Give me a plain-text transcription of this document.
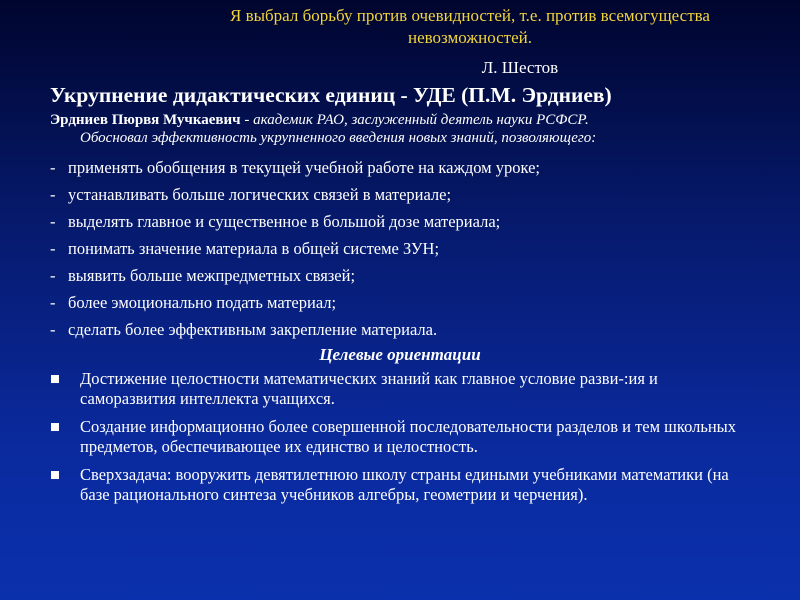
Я выбрал борьбу против очевидностей, т.е. против всемогущества невозможностей.
Л. Шестов
Укрупнение дидактических единиц - УДЕ (П.М. Эрдниев)
Эрдниев Пюрвя Мучкаевич - академик РАО, заслуженный деятель науки РСФСР.
Обосновал эффективность укрупненного введения новых знаний, позволяющего:
- применять обобщения в текущей учебной работе на каждом уроке;
- устанавливать больше логических связей в материале;
- выделять главное и существенное в большой дозе материала;
- понимать значение материала в общей системе ЗУН;
- выявить больше межпредметных связей;
- более эмоционально подать материал;
- сделать более эффективным закрепление материала.
Целевые ориентации
■	Достижение целостности математических знаний как главное условие разви-:ия и саморазвития интеллекта учащихся.
■	Создание информационно более совершенной последовательности разделов и тем школьных предметов, обеспечивающее их единство и целостность.
■	Сверхзадача: вооружить девятилетнюю школу страны едиными учебниками математики (на базе рационального синтеза учебников алгебры, геометрии и черчения).
